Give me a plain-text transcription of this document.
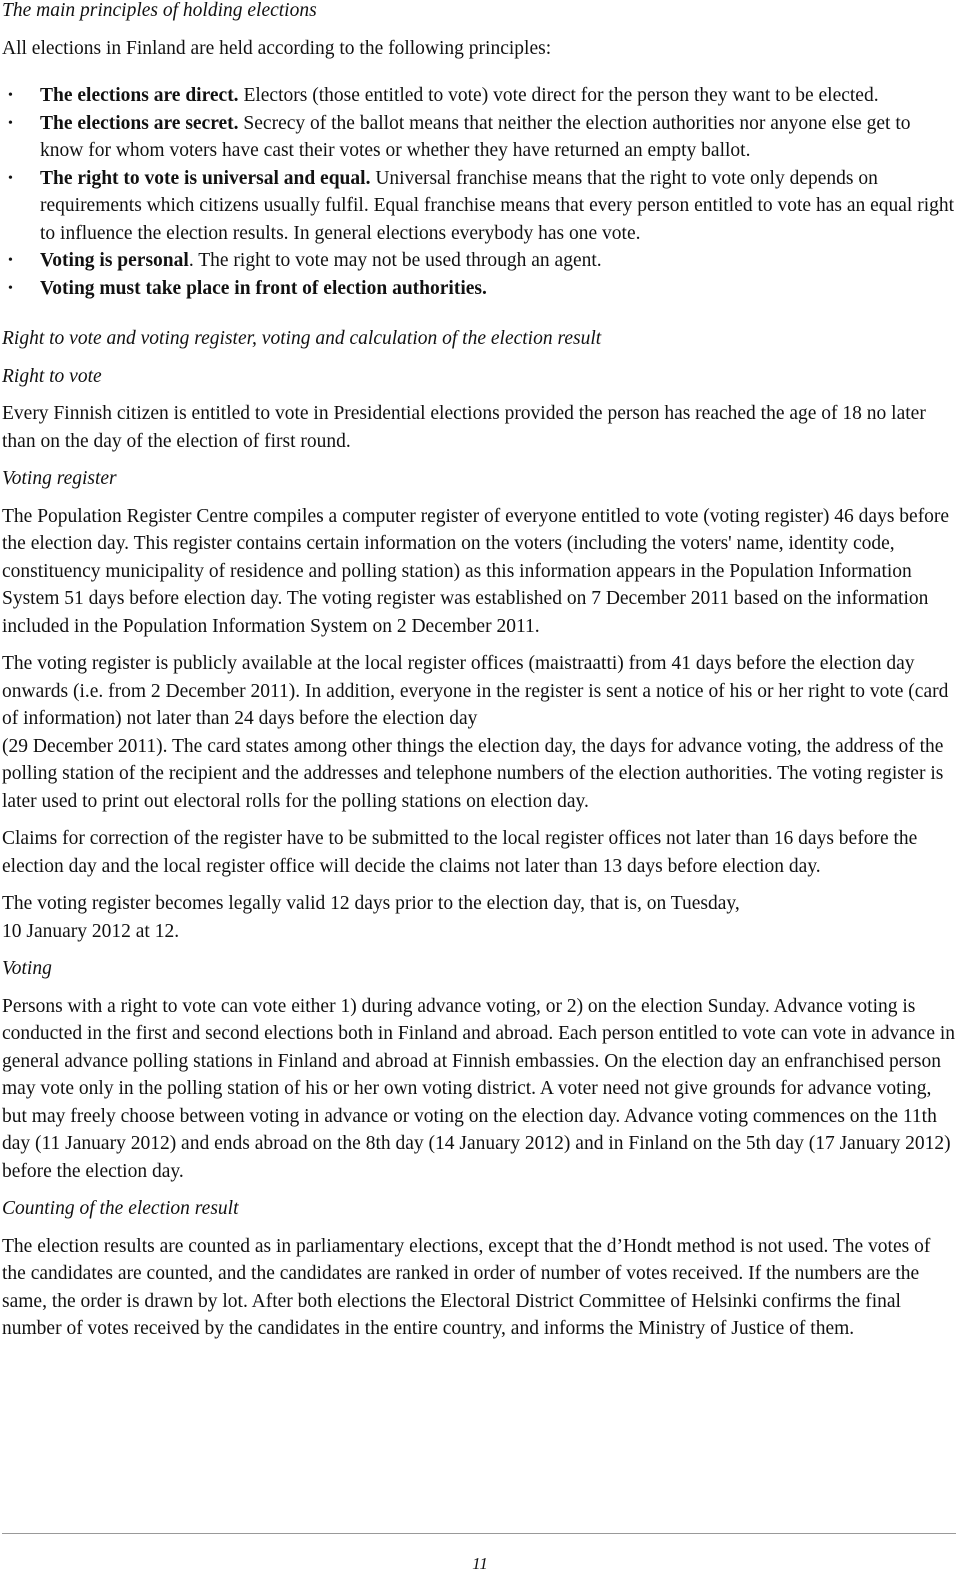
The main principles of holding elections

All elections in Finland are held according to the following principles:

• The elections are direct. Electors (those entitled to vote) vote direct for the person they want to be elected.
• The elections are secret. Secrecy of the ballot means that neither the election authorities nor anyone else get to know for whom voters have cast their votes or whether they have returned an empty ballot.
• The right to vote is universal and equal. Universal franchise means that the right to vote only depends on requirements which citizens usually fulfil. Equal franchise means that every person entitled to vote has an equal right to influence the election results. In general elections everybody has one vote.
• Voting is personal. The right to vote may not be used through an agent.
• Voting must take place in front of election authorities.

Right to vote and voting register, voting and calculation of the election result

Right to vote

Every Finnish citizen is entitled to vote in Presidential elections provided the person has reached the age of 18 no later than on the day of the election of first round.

Voting register

The Population Register Centre compiles a computer register of everyone entitled to vote (voting register) 46 days before the election day. This register contains certain information on the voters (including the voters' name, identity code, constituency municipality of residence and polling station) as this information appears in the Population Information System 51 days before election day. The voting register was established on 7 December 2011 based on the information included in the Population Information System on 2 December 2011.

The voting register is publicly available at the local register offices (maistraatti) from 41 days before the election day onwards (i.e. from 2 December 2011). In addition, everyone in the register is sent a notice of his or her right to vote (card of information) not later than 24 days before the election day
(29 December 2011). The card states among other things the election day, the days for advance voting, the address of the polling station of the recipient and the addresses and telephone numbers of the election authorities. The voting register is later used to print out electoral rolls for the polling stations on election day.

Claims for correction of the register have to be submitted to the local register offices not later than 16 days before the election day and the local register office will decide the claims not later than 13 days before election day.

The voting register becomes legally valid 12 days prior to the election day, that is, on Tuesday,
10 January 2012 at 12.

Voting

Persons with a right to vote can vote either 1) during advance voting, or 2) on the election Sunday. Advance voting is conducted in the first and second elections both in Finland and abroad. Each person entitled to vote can vote in advance in general advance polling stations in Finland and abroad at Finnish embassies. On the election day an enfranchised person may vote only in the polling station of his or her own voting district. A voter need not give grounds for advance voting, but may freely choose between voting in advance or voting on the election day. Advance voting commences on the 11th day (11 January 2012) and ends abroad on the 8th day (14 January 2012) and in Finland on the 5th day (17 January 2012) before the election day.

Counting of the election result

The election results are counted as in parliamentary elections, except that the d’Hondt method is not used. The votes of the candidates are counted, and the candidates are ranked in order of number of votes received. If the numbers are the same, the order is drawn by lot. After both elections the Electoral District Committee of Helsinki confirms the final number of votes received by the candidates in the entire country, and informs the Ministry of Justice of them.

11
